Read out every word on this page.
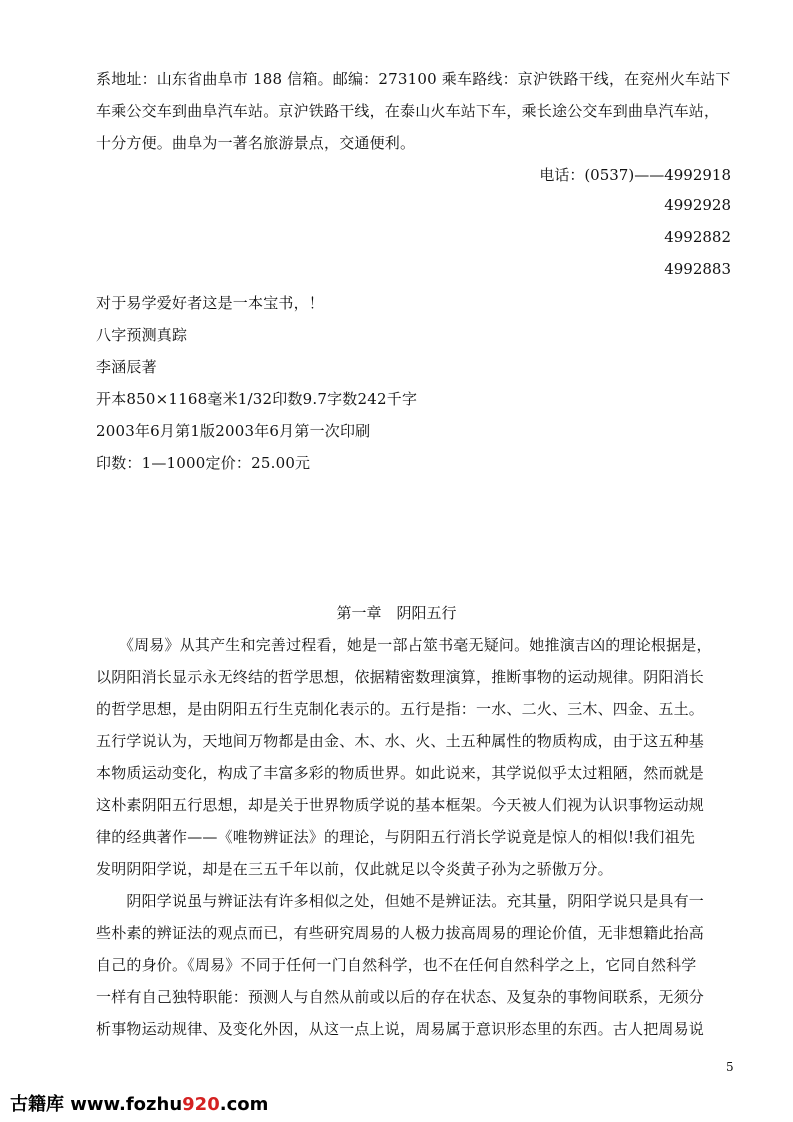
系地址：山东省曲阜市 188 信箱。邮编：273100 乘车路线：京沪铁路干线，在兖州火车站下
车乘公交车到曲阜汽车站。京沪铁路干线，在泰山火车站下车，乘长途公交车到曲阜汽车站，
十分方便。曲阜为一著名旅游景点，交通便利。
电话：(0537)——4992918
4992928
4992882
4992883
对于易学爱好者这是一本宝书，！
八字预测真踪
李涵辰著
开本850×1168毫米1/32印数9.7字数242千字
2003年6月第1版2003年6月第一次印刷
印数：1—1000定价：25.00元
第一章　阴阳五行
　　《周易》从其产生和完善过程看，她是一部占筮书毫无疑问。她推演吉凶的理论根据是，
以阴阳消长显示永无终结的哲学思想，依据精密数理演算，推断事物的运动规律。阴阳消长
的哲学思想，是由阴阳五行生克制化表示的。五行是指：一水、二火、三木、四金、五土。
五行学说认为，天地间万物都是由金、木、水、火、土五种属性的物质构成，由于这五种基
本物质运动变化，构成了丰富多彩的物质世界。如此说来，其学说似乎太过粗陋，然而就是
这朴素阴阳五行思想，却是关于世界物质学说的基本框架。今天被人们视为认识事物运动规
律的经典著作——《唯物辨证法》的理论，与阴阳五行消长学说竟是惊人的相似!我们祖先
发明阴阳学说，却是在三五千年以前，仅此就足以令炎黄子孙为之骄傲万分。
　　阴阳学说虽与辨证法有许多相似之处，但她不是辨证法。充其量，阴阳学说只是具有一
些朴素的辨证法的观点而已，有些研究周易的人极力拔高周易的理论价值，无非想籍此抬高
自己的身价。《周易》不同于任何一门自然科学，也不在任何自然科学之上，它同自然科学
一样有自己独特职能：预测人与自然从前或以后的存在状态、及复杂的事物间联系，无须分
析事物运动规律、及变化外因，从这一点上说，周易属于意识形态里的东西。古人把周易说
5
古籍库 www.fozhu920.com
